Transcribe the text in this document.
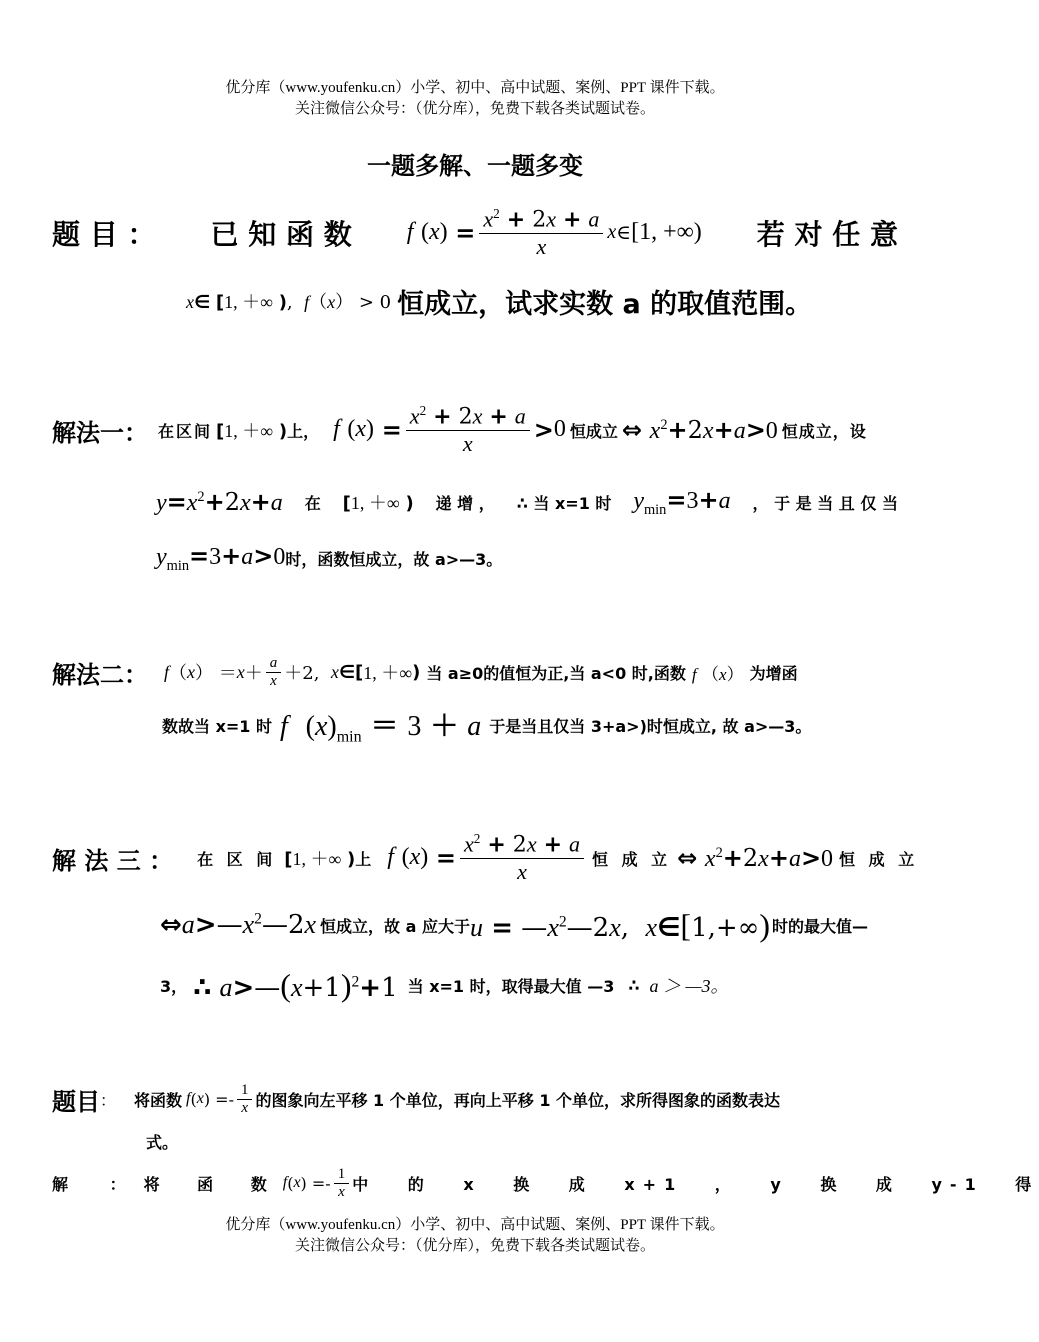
优分库（www.youfenku.cn）小学、初中、高中试题、案例、PPT 课件下载。
关注微信公众号：（优分库），免费下载各类试题试卷。
一题多解、一题多变
题 目 ： 已 知 函 数 f
( x )
= $\frac{x^2 + 2x + a}{x}$ x ∈ [1, +∞) 若 对 任 意
x∈ [1, ＋∞ ),  f（x） > 0 恒成立，试求实数 a 的取值范围。
解法一： 在区间 [1, ＋∞ ) 上， f
( x )
= $\frac{x^2 + 2x + a}{x} > 0$ 恒成立 ⇔ $x^2+2x+a>0$ 恒成立，设
$y=x^2+2x+a$ 在 [1, ＋∞ ) 递 增 ， ∴ 当 x=1 时 $y_{min}=3+a$ ， 于 是 当 且 仅 当
$y_{min}=3+a>0$ 时，函数恒成立，故 a>—3。
解法二： f （ x ） ＝ $x + \frac{a}{x} +2$, x ∈ [ 1, ＋∞ ) 当 a≥0的值恒为正,当 a<0 时,函数 f （x） 为增函
数故当 x=1 时 f $(x)_{min} = 3 + a$ 于是当且仅当 3+a>)时恒成立, 故 a>—3。
解 法 三 ： 在 区 间 [1, ＋∞ ) 上 f
( x )
= $\frac{x^2 + 2x + a}{x}$ 恒 成 立 ⇔ $x^2+2x+a>0$ 恒 成 立
$\Leftrightarrow a>—x^2—2x$ 恒成立，故 a 应大于 $u = —x^2—2x$,  x∈[1,+∞) 时的最大值—
3， ∴ $a>—(x+1)^2+1$ 当 x=1 时，取得最大值 —3 ∴ a ＞ —3。
题目 ： 将函数 f ( x ) =- $\frac{1}{x}$ 的图象向左平移 1 个单位，再向上平移 1 个单位，求所得图象的函数表达
式。
解 ： 将 函 数 f ( x ) =- $\frac{1}{x}$ 中 的 x 换 成 x+1 ， y 换 成 y-1 得
优分库（www.youfenku.cn）小学、初中、高中试题、案例、PPT 课件下载。
关注微信公众号：（优分库），免费下载各类试题试卷。
